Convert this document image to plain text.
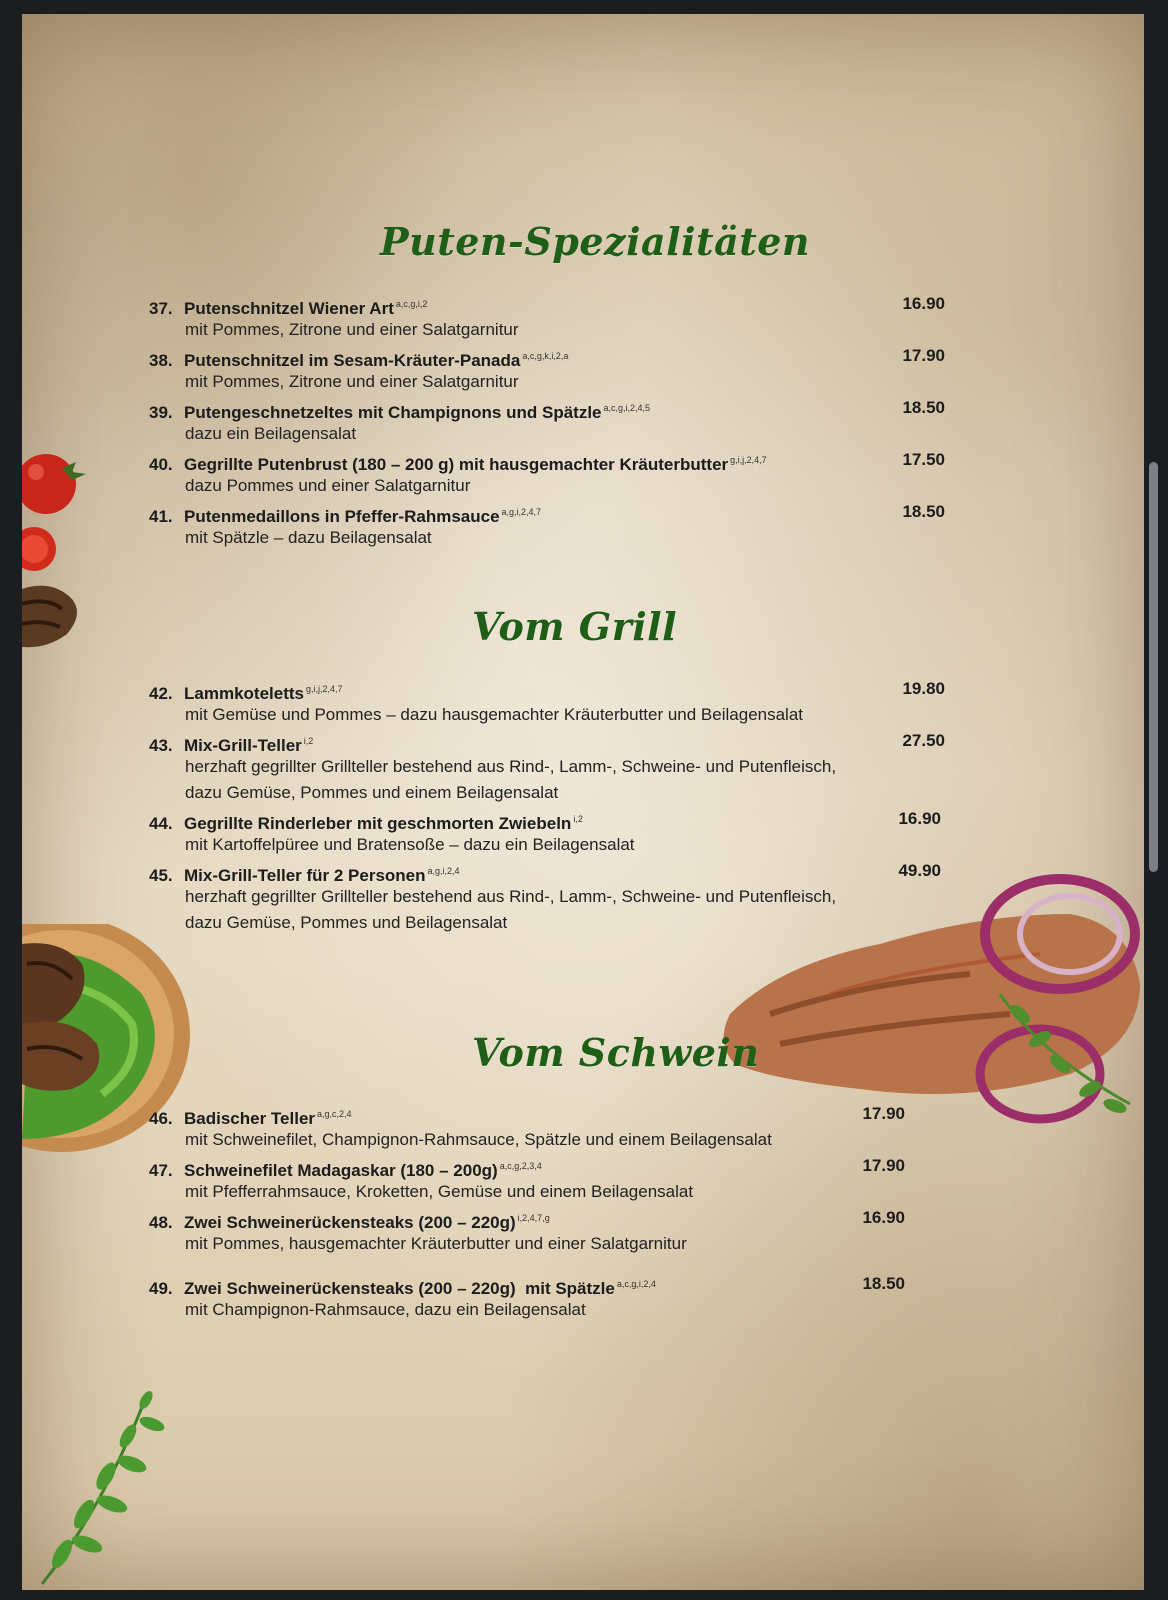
Puten-Spezialitäten
37. Putenschnitzel Wiener Art $^{a,c,g,i,2}$	16.90
mit Pommes, Zitrone und einer Salatgarnitur
38. Putenschnitzel im Sesam-Kräuter-Panada $^{a,c,g,k,i,2,a}$	17.90
mit Pommes, Zitrone und einer Salatgarnitur
39. Putengeschnetzeltes mit Champignons und Spätzle $^{a,c,g,i,2,4,5}$	18.50
dazu ein Beilagensalat
40. Gegrillte Putenbrust (180 – 200 g) mit hausgemachter Kräuterbutter $^{g,i,j,2,4,7}$	17.50
dazu Pommes und einer Salatgarnitur
41. Putenmedaillons in Pfeffer-Rahmsauce $^{a,g,i,2,4,7}$	18.50
mit Spätzle – dazu Beilagensalat
Vom Grill
42. Lammkoteletts $^{g,i,j,2,4,7}$	19.80
mit Gemüse und Pommes – dazu hausgemachter Kräuterbutter und Beilagensalat
43. Mix-Grill-Teller $^{i,2}$	27.50
herzhaft gegrillter Grillteller bestehend aus Rind-, Lamm-, Schweine- und Putenfleisch,
dazu Gemüse, Pommes und einem Beilagensalat
44. Gegrillte Rinderleber mit geschmorten Zwiebeln $^{i,2}$	16.90
mit Kartoffelpüree und Bratensoße – dazu ein Beilagensalat
45. Mix-Grill-Teller für 2 Personen $^{a,g,i,2,4}$	49.90
herzhaft gegrillter Grillteller bestehend aus Rind-, Lamm-, Schweine- und Putenfleisch,
dazu Gemüse, Pommes und Beilagensalat
Vom Schwein
46. Badischer Teller $^{a,g,c,2,4}$	17.90
mit Schweinefilet, Champignon-Rahmsauce, Spätzle und einem Beilagensalat
47. Schweinefilet Madagaskar (180 – 200g) $^{a,c,g,2,3,4}$	17.90
mit Pfefferrahmsauce, Kroketten, Gemüse und einem Beilagensalat
48. Zwei Schweinerückensteaks (200 – 220g) $^{i,2,4,7,g}$	16.90
mit Pommes, hausgemachter Kräuterbutter und einer Salatgarnitur
49. Zwei Schweinerückensteaks (200 – 220g)  mit Spätzle $^{a,c,g,i,2,4}$	18.50
mit Champignon-Rahmsauce, dazu ein Beilagensalat
